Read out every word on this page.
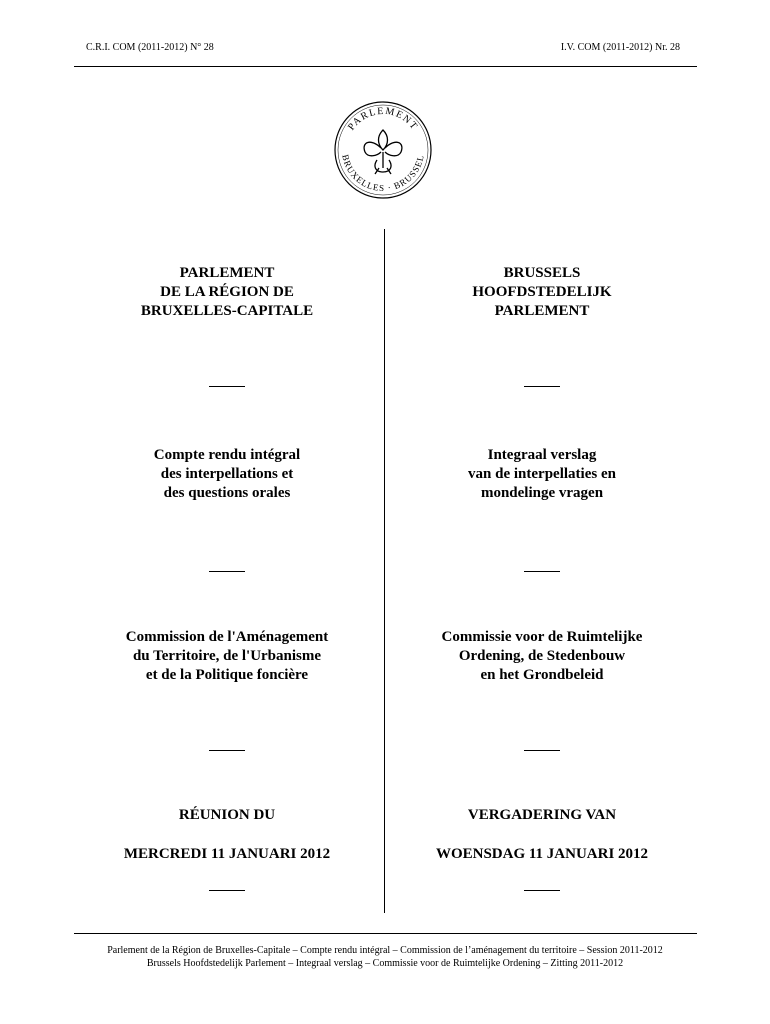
C.R.I. COM (2011-2012) N° 28	I.V. COM (2011-2012) Nr. 28
PARLEMENT
BRUXELLES · BRUSSEL
PARLEMENT
DE LA RÉGION DE
BRUXELLES-CAPITALE
Compte rendu intégral
des interpellations et
des questions orales
Commission de l'Aménagement
du Territoire, de l'Urbanisme
et de la Politique foncière
RÉUNION DU
MERCREDI 11 JANUARI 2012
BRUSSELS
HOOFDSTEDELIJK
PARLEMENT
Integraal verslag
van de interpellaties en
mondelinge vragen
Commissie voor de Ruimtelijke
Ordening, de Stedenbouw
en het Grondbeleid
VERGADERING VAN
WOENSDAG 11 JANUARI 2012
Parlement de la Région de Bruxelles-Capitale – Compte rendu intégral – Commission de l’aménagement du territoire – Session 2011-2012
Brussels Hoofdstedelijk Parlement – Integraal verslag – Commissie voor de Ruimtelijke Ordening – Zitting 2011-2012
